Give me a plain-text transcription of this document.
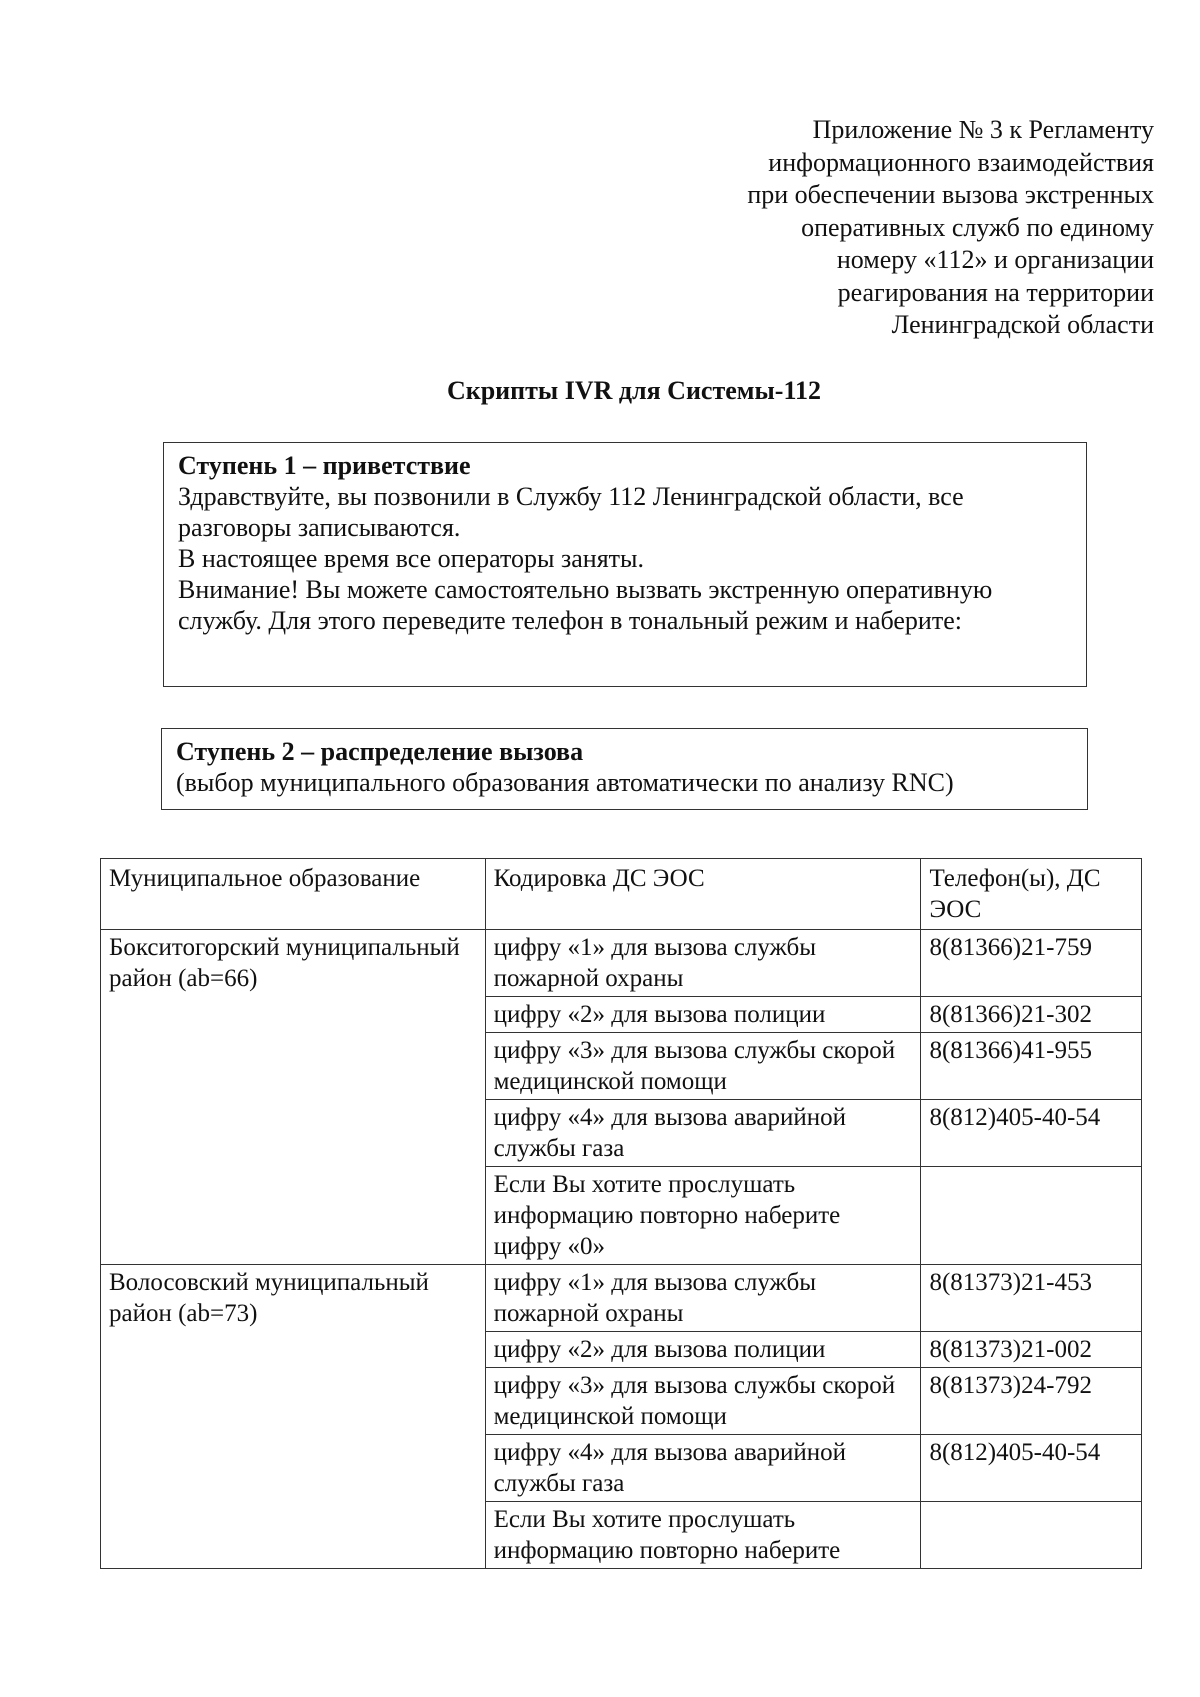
Приложение № 3 к Регламенту
информационного взаимодействия
при обеспечении вызова экстренных
оперативных служб по единому
номеру «112» и организации
реагирования на территории
Ленинградской области
Скрипты IVR для Системы-112
Ступень 1 – приветствие
Здравствуйте, вы позвонили в Службу 112 Ленинградской области, все
разговоры записываются.
В настоящее время все операторы заняты.
Внимание! Вы можете самостоятельно вызвать экстренную оперативную
службу. Для этого переведите телефон в тональный режим и наберите:
Ступень 2 – распределение вызова
(выбор муниципального образования автоматически по анализу RNC)
Муниципальное образование	Кодировка ДС ЭОС	Телефон(ы), ДС ЭОС
Бокситогорский муниципальный район (ab=66)	цифру «1» для вызова службы пожарной охраны	8(81366)21-759
	цифру «2» для вызова полиции	8(81366)21-302
	цифру «3» для вызова службы скорой медицинской помощи	8(81366)41-955
	цифру «4» для вызова аварийной службы газа	8(812)405-40-54
	Если Вы хотите прослушать информацию повторно наберите цифру «0»	
Волосовский муниципальный район (ab=73)	цифру «1» для вызова службы пожарной охраны	8(81373)21-453
	цифру «2» для вызова полиции	8(81373)21-002
	цифру «3» для вызова службы скорой медицинской помощи	8(81373)24-792
	цифру «4» для вызова аварийной службы газа	8(812)405-40-54
	Если Вы хотите прослушать информацию повторно наберите	
